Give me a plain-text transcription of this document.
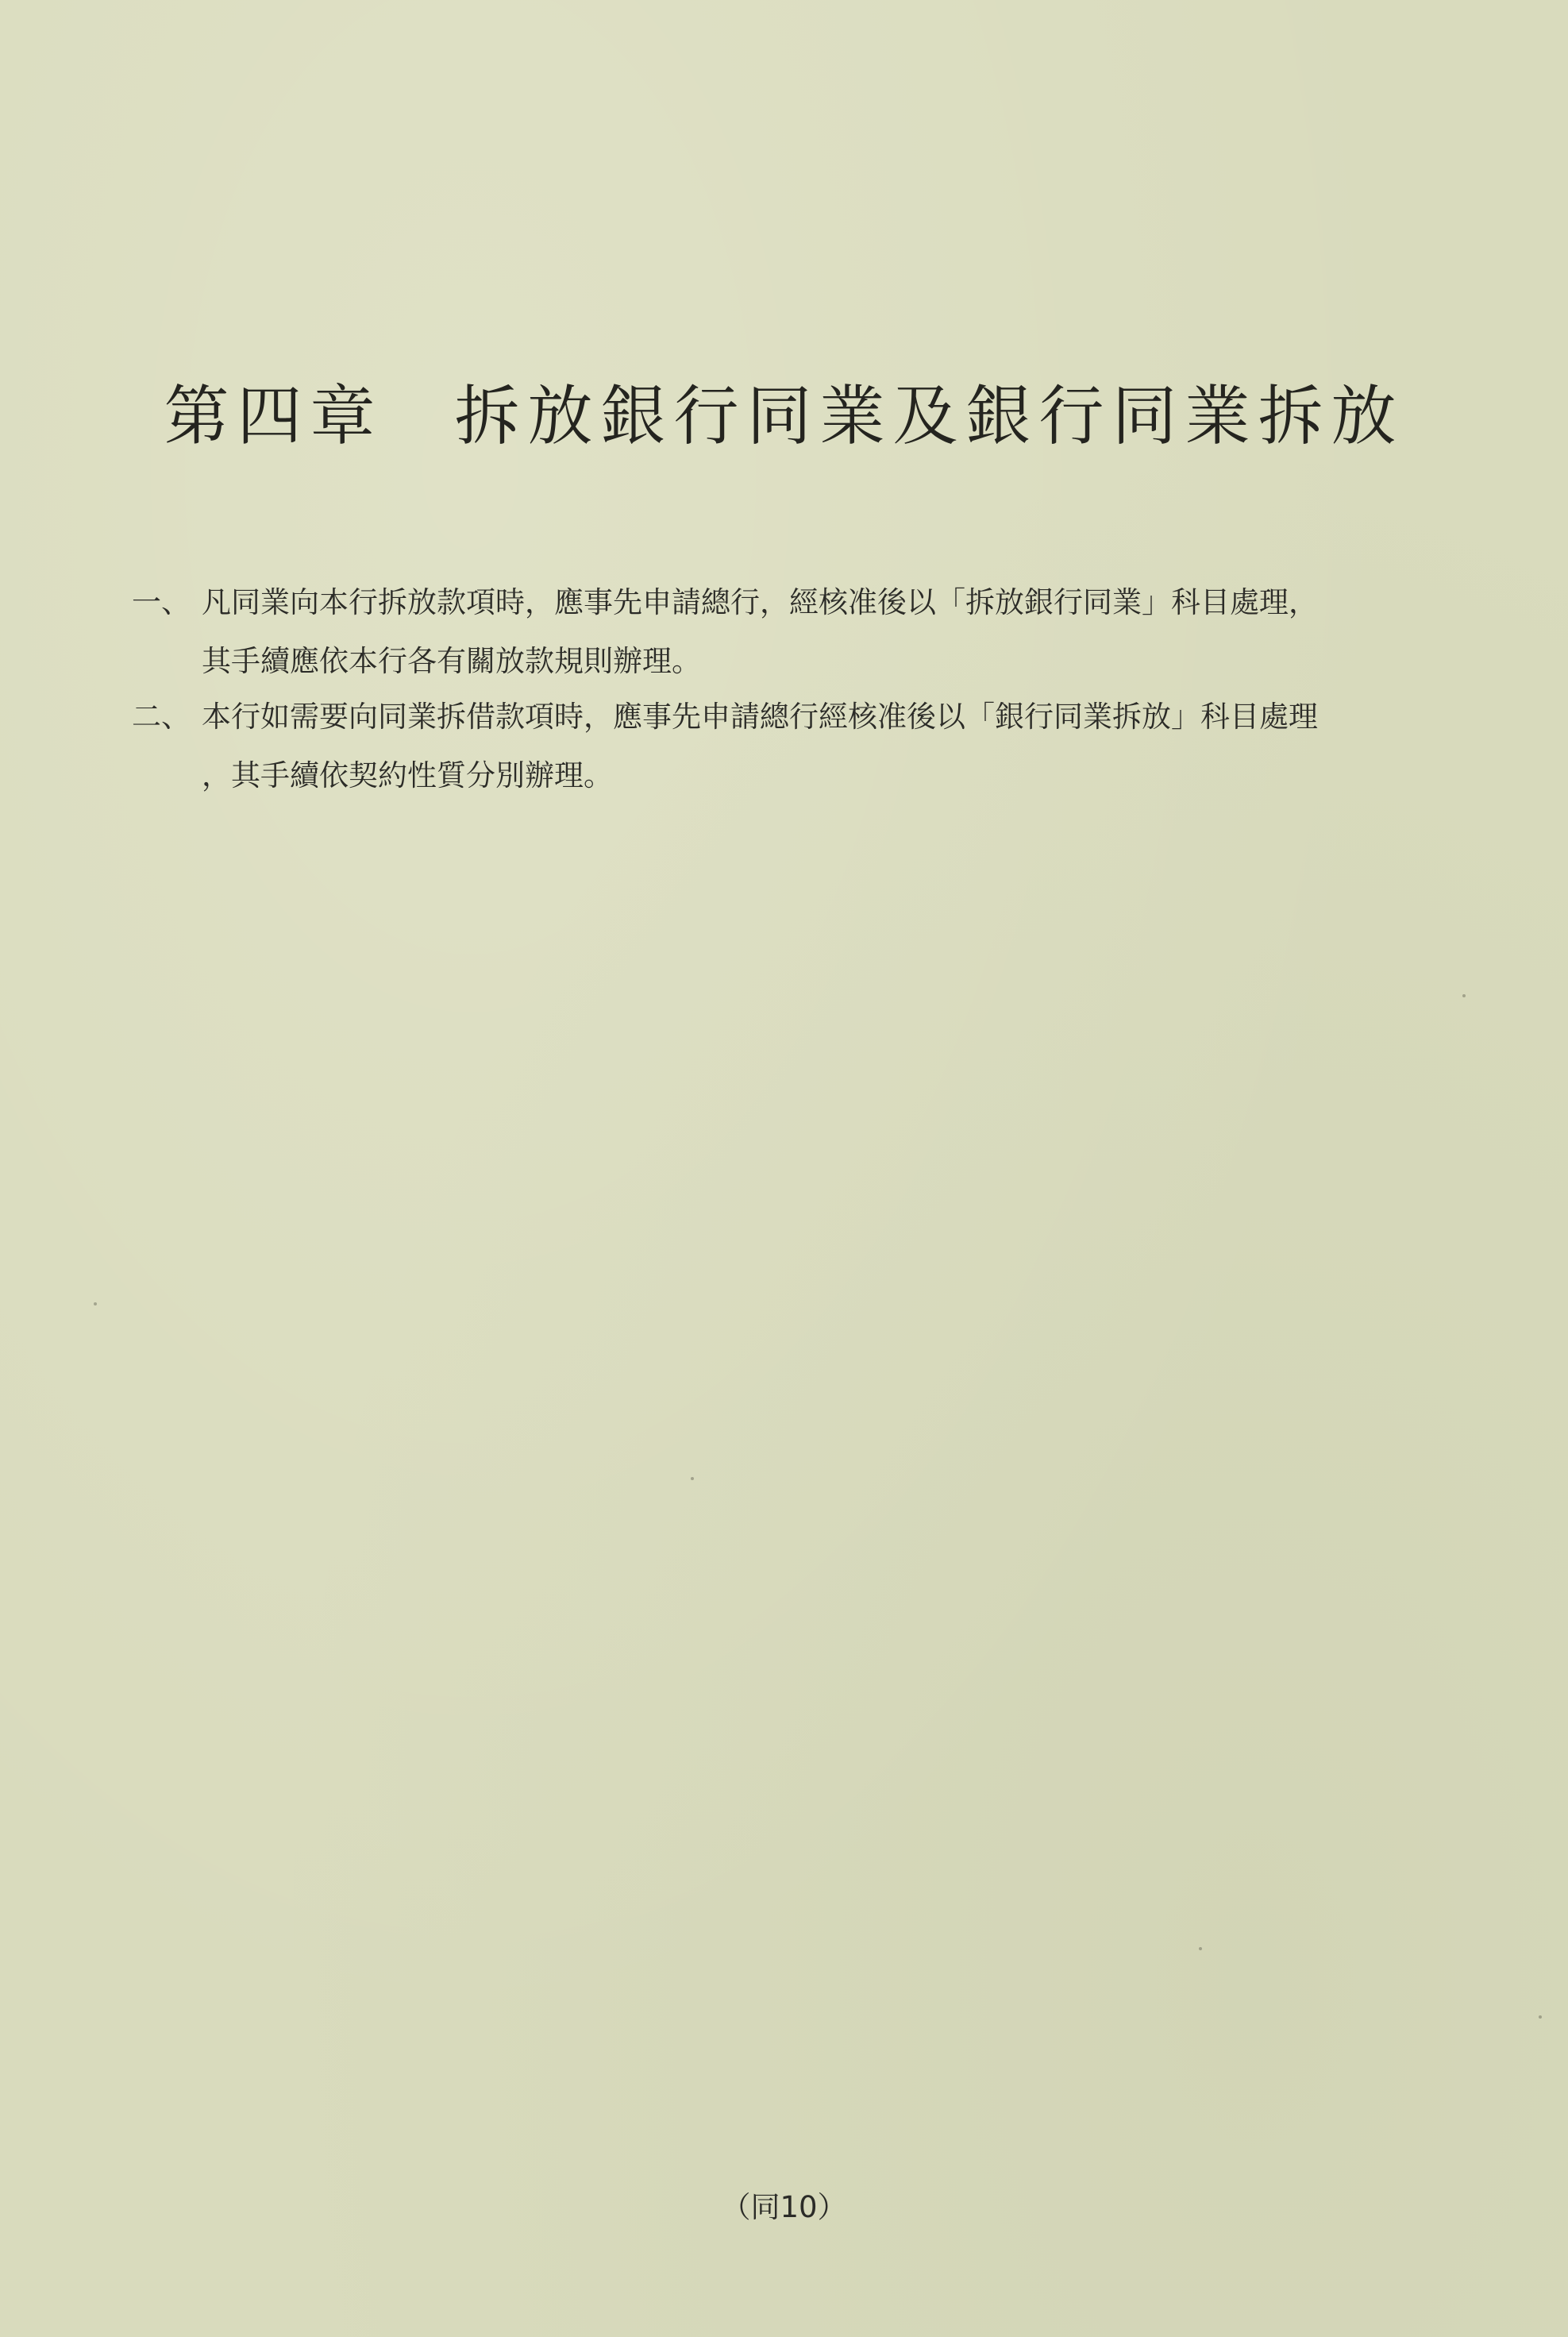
第四章 拆放銀行同業及銀行同業拆放
一、 凡同業向本行拆放款項時，應事先申請總行，經核准後以「拆放銀行同業」科目處理，
其手續應依本行各有關放款規則辦理。
二、 本行如需要向同業拆借款項時，應事先申請總行經核准後以「銀行同業拆放」科目處理
，其手續依契約性質分別辦理。
（同10）
